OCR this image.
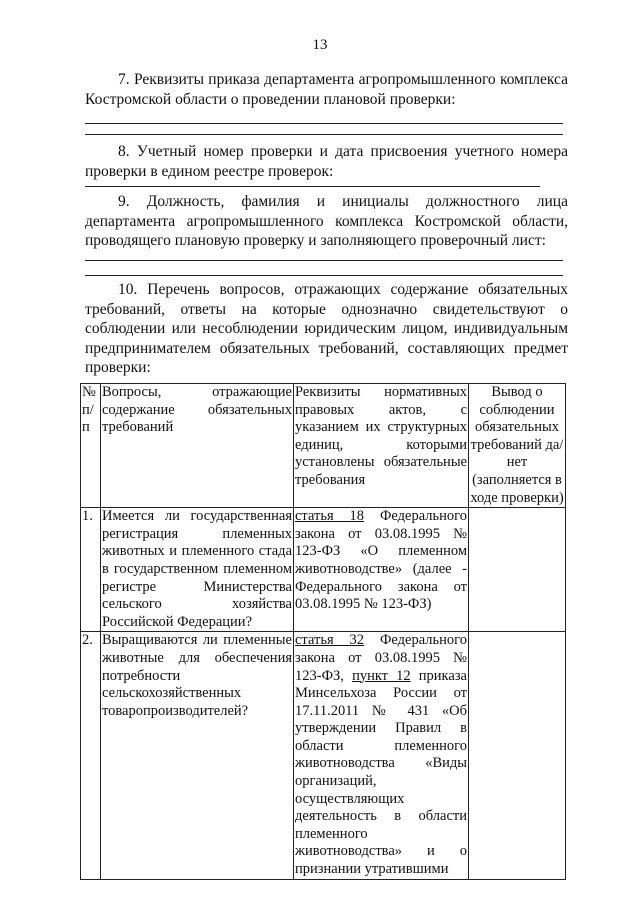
13
7. Реквизиты приказа департамента агропромышленного комплекса Костромской области о проведении плановой проверки:
8. Учетный номер проверки и дата присвоения учетного номера проверки в едином реестре проверок:
9. Должность, фамилия и инициалы должностного лица департамента агропромышленного комплекса Костромской области, проводящего плановую проверку и заполняющего проверочный лист:
10. Перечень вопросов, отражающих содержание обязательных требований, ответы на которые однозначно свидетельствуют о соблюдении или несоблюдении юридическим лицом, индивидуальным предпринимателем обязательных требований, составляющих предмет проверки:
№ п/п	Вопросы, отражающие содержание обязательных требований	Реквизиты нормативных правовых актов, с указанием их структурных единиц, которыми установлены обязательные требования	Вывод о соблюдении обязательных требований да/нет (заполняется в ходе проверки)
1.	Имеется ли государственная регистрация племенных животных и племенного стада в государственном племенном регистре Министерства сельского хозяйства Российской Федерации?	статья 18 Федерального закона от 03.08.1995 № 123-ФЗ «О племенном животноводстве» (далее - Федерального закона от 03.08.1995 № 123-ФЗ)	
2.	Выращиваются ли племенные животные для обеспечения потребности сельскохозяйственных товаропроизводителей?	статья 32 Федерального закона от 03.08.1995 № 123-ФЗ, пункт 12 приказа Минсельхоза России от 17.11.2011 № 431 «Об утверждении Правил в области племенного животноводства «Виды организаций, осуществляющих деятельность в области племенного животноводства» и о признании утратившими	
